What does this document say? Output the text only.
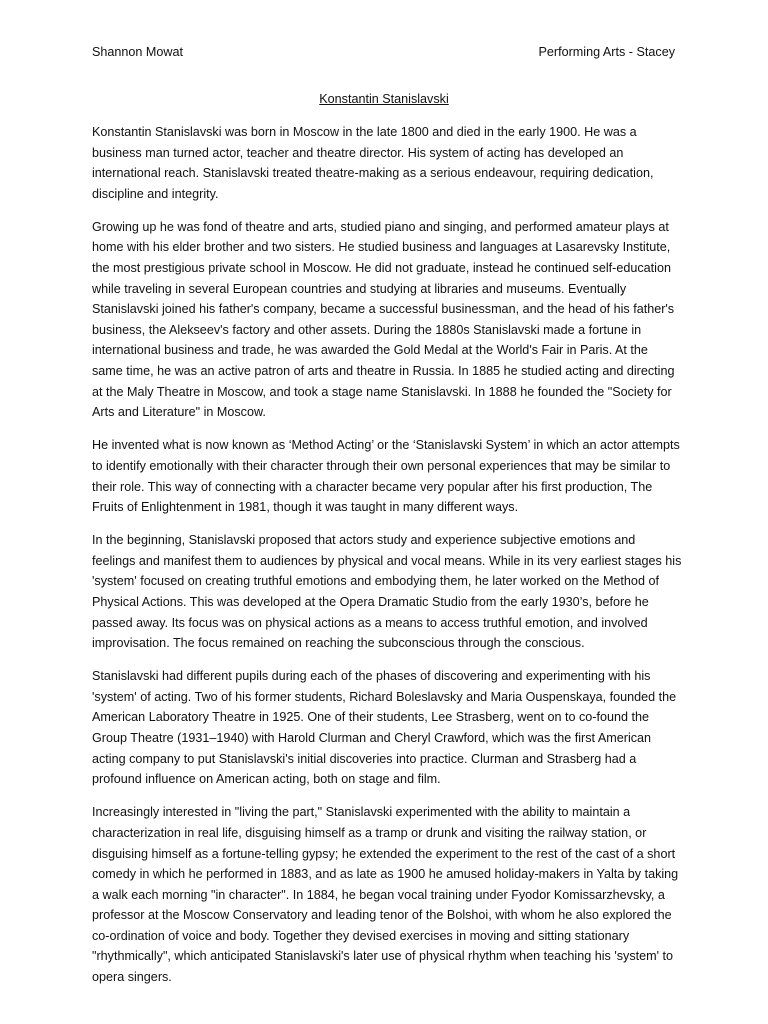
Shannon Mowat	Performing Arts - Stacey
Konstantin Stanislavski

Konstantin Stanislavski was born in Moscow in the late 1800 and died in the early 1900. He was a business man turned actor, teacher and theatre director. His system of acting has developed an international reach. Stanislavski treated theatre-making as a serious endeavour, requiring dedication, discipline and integrity.

Growing up he was fond of theatre and arts, studied piano and singing, and performed amateur plays at home with his elder brother and two sisters. He studied business and languages at Lasarevsky Institute, the most prestigious private school in Moscow. He did not graduate, instead he continued self-education while traveling in several European countries and studying at libraries and museums. Eventually Stanislavski joined his father's company, became a successful businessman, and the head of his father's business, the Alekseev's factory and other assets. During the 1880s Stanislavski made a fortune in international business and trade, he was awarded the Gold Medal at the World's Fair in Paris. At the same time, he was an active patron of arts and theatre in Russia. In 1885 he studied acting and directing at the Maly Theatre in Moscow, and took a stage name Stanislavski. In 1888 he founded the "Society for Arts and Literature" in Moscow.

He invented what is now known as ‘Method Acting’ or the ‘Stanislavski System’ in which an actor attempts to identify emotionally with their character through their own personal experiences that may be similar to their role. This way of connecting with a character became very popular after his first production, The Fruits of Enlightenment in 1981, though it was taught in many different ways.

In the beginning, Stanislavski proposed that actors study and experience subjective emotions and feelings and manifest them to audiences by physical and vocal means. While in its very earliest stages his 'system' focused on creating truthful emotions and embodying them, he later worked on the Method of Physical Actions. This was developed at the Opera Dramatic Studio from the early 1930’s, before he passed away. Its focus was on physical actions as a means to access truthful emotion, and involved improvisation. The focus remained on reaching the subconscious through the conscious.

Stanislavski had different pupils during each of the phases of discovering and experimenting with his 'system' of acting. Two of his former students, Richard Boleslavsky and Maria Ouspenskaya, founded the American Laboratory Theatre in 1925. One of their students, Lee Strasberg, went on to co-found the Group Theatre (1931–1940) with Harold Clurman and Cheryl Crawford, which was the first American acting company to put Stanislavski's initial discoveries into practice. Clurman and Strasberg had a profound influence on American acting, both on stage and film.

Increasingly interested in "living the part," Stanislavski experimented with the ability to maintain a characterization in real life, disguising himself as a tramp or drunk and visiting the railway station, or disguising himself as a fortune-telling gypsy; he extended the experiment to the rest of the cast of a short comedy in which he performed in 1883, and as late as 1900 he amused holiday-makers in Yalta by taking a walk each morning "in character". In 1884, he began vocal training under Fyodor Komissarzhevsky, a professor at the Moscow Conservatory and leading tenor of the Bolshoi, with whom he also explored the co-ordination of voice and body. Together they devised exercises in moving and sitting stationary "rhythmically", which anticipated Stanislavski's later use of physical rhythm when teaching his 'system' to opera singers.
